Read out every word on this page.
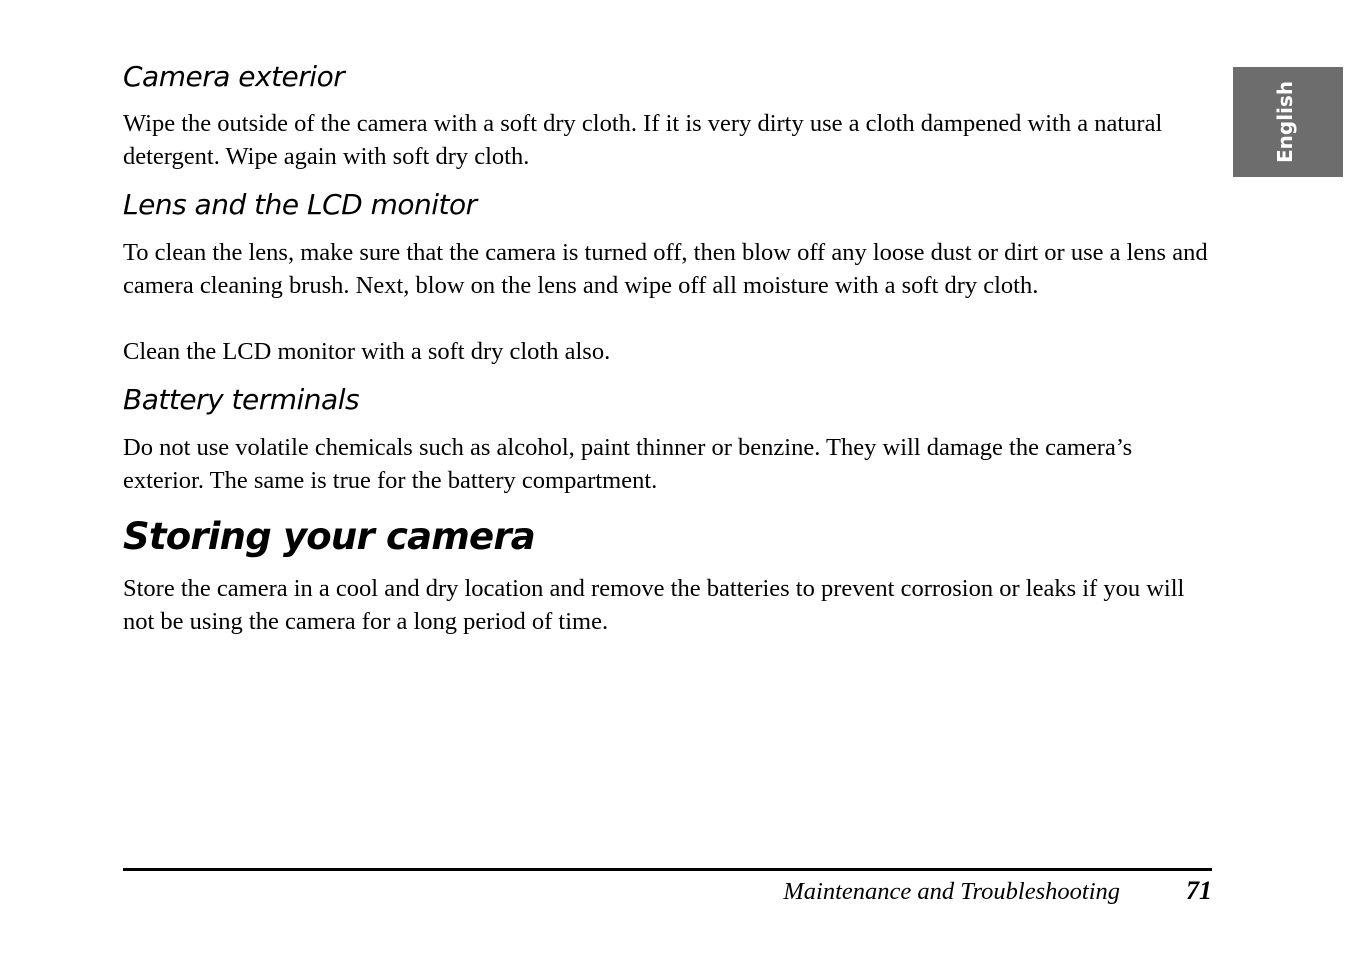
English
Camera exterior

Wipe the outside of the camera with a soft dry cloth. If it is very dirty use a cloth dampened with a natural detergent. Wipe again with soft dry cloth.

Lens and the LCD monitor

To clean the lens, make sure that the camera is turned off, then blow off any loose dust or dirt or use a lens and camera cleaning brush. Next, blow on the lens and wipe off all moisture with a soft dry cloth.

Clean the LCD monitor with a soft dry cloth also.

Battery terminals

Do not use volatile chemicals such as alcohol, paint thinner or benzine. They will damage the camera’s exterior. The same is true for the battery compartment.

Storing your camera

Store the camera in a cool and dry location and remove the batteries to prevent corrosion or leaks if you will not be using the camera for a long period of time.

Maintenance and Troubleshooting	71
